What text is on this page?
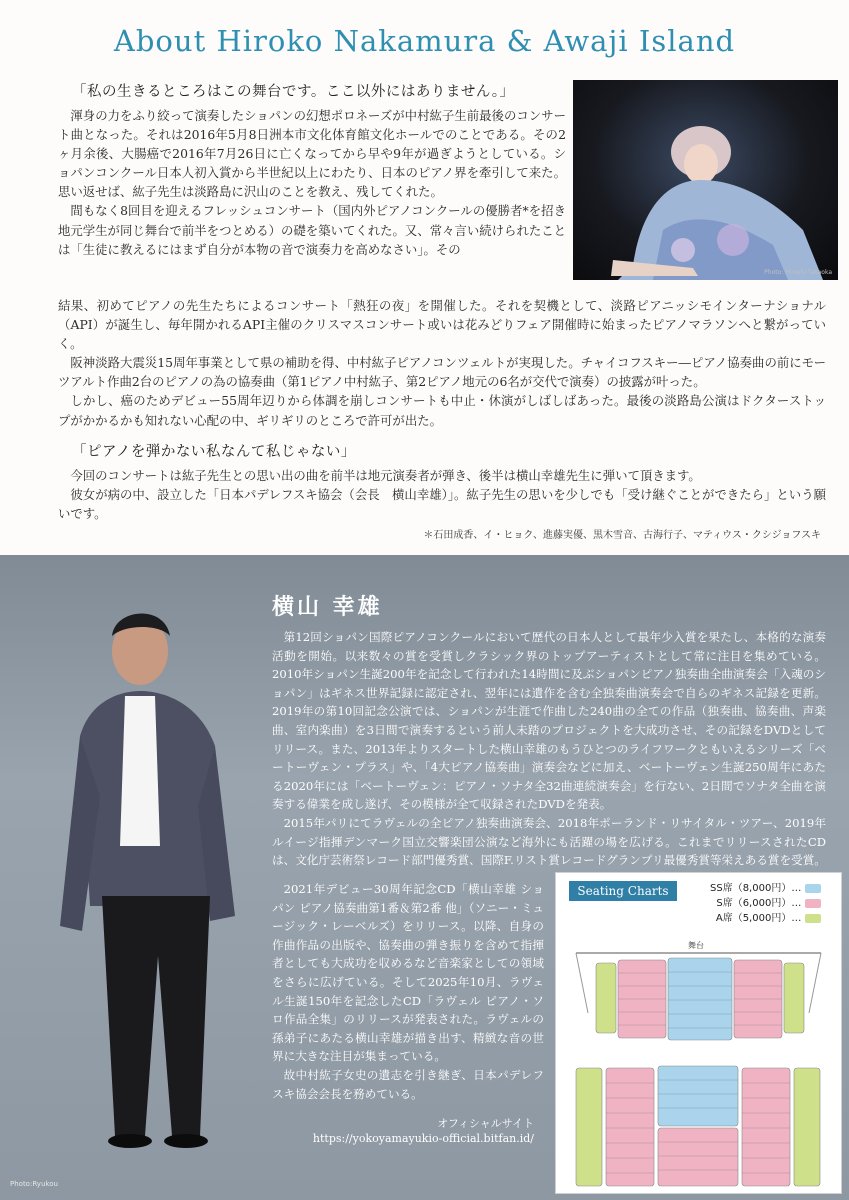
About Hiroko Nakamura & Awaji Island
「私の生きるところはこの舞台です。ここ以外にはありません。」
Photo: Hiroshi Takaoka

渾身の力をふり絞って演奏したショパンの幻想ポロネーズが中村紘子生前最後のコンサート曲となった。それは2016年5月8日洲本市文化体育館文化ホールでのことである。その2ヶ月余後、大腸癌で2016年7月26日に亡くなってから早や9年が過ぎようとしている。ショパンコンクール日本人初入賞から半世紀以上にわたり、日本のピアノ界を牽引して来た。思い返せば、紘子先生は淡路島に沢山のことを教え、残してくれた。

間もなく8回目を迎えるフレッシュコンサート（国内外ピアノコンクールの優勝者*を招き地元学生が同じ舞台で前半をつとめる）の礎を築いてくれた。又、常々言い続けられたことは「生徒に教えるにはまず自分が本物の音で演奏力を高めなさい」。その

結果、初めてピアノの先生たちによるコンサート「熱狂の夜」を開催した。それを契機として、淡路ピアニッシモインターナショナル（API）が誕生し、毎年開かれるAPI主催のクリスマスコンサート或いは花みどりフェア開催時に始まったピアノマラソンへと繋がっていく。

阪神淡路大震災15周年事業として県の補助を得、中村紘子ピアノコンツェルトが実現した。チャイコフスキー―ピアノ協奏曲の前にモーツアルト作曲2台のピアノの為の協奏曲（第1ピアノ中村紘子、第2ピアノ地元の6名が交代で演奏）の披露が叶った。

しかし、癌のためデビュー55周年辺りから体調を崩しコンサートも中止・休演がしばしばあった。最後の淡路島公演はドクターストップがかかるかも知れない心配の中、ギリギリのところで許可が出た。

「ピアノを弾かない私なんて私じゃない」

今回のコンサートは紘子先生との思い出の曲を前半は地元演奏者が弾き、後半は横山幸雄先生に弾いて頂きます。

彼女が病の中、設立した「日本パデレフスキ協会（会長　横山幸雄）」。紘子先生の思いを少しでも「受け継ぐことができたら」という願いです。

＊石田成香、イ・ヒョク、進藤実優、黒木雪音、古海行子、マティウス・クシジョフスキ
横山 幸雄

第12回ショパン国際ピアノコンクールにおいて歴代の日本人として最年少入賞を果たし、本格的な演奏活動を開始。以来数々の賞を受賞しクラシック界のトップアーティストとして常に注目を集めている。2010年ショパン生誕200年を記念して行われた14時間に及ぶショパンピアノ独奏曲全曲演奏会「入魂のショパン」はギネス世界記録に認定され、翌年には遺作を含む全独奏曲演奏会で自らのギネス記録を更新。2019年の第10回記念公演では、ショパンが生涯で作曲した240曲の全ての作品（独奏曲、協奏曲、声楽曲、室内楽曲）を3日間で演奏するという前人未踏のプロジェクトを大成功させ、その記録をDVDとしてリリース。また、2013年よりスタートした横山幸雄のもうひとつのライフワークともいえるシリーズ「ベートーヴェン・プラス」や、「4大ピアノ協奏曲」演奏会などに加え、ベートーヴェン生誕250周年にあたる2020年には「ベートーヴェン：ピアノ・ソナタ全32曲連続演奏会」を行ない、2日間でソナタ全曲を演奏する偉業を成し遂げ、その模様が全て収録されたDVDを発表。

2015年パリにてラヴェルの全ピアノ独奏曲演奏会、2018年ポーランド・リサイタル・ツアー、2019年ルイージ指揮デンマーク国立交響楽団公演など海外にも活躍の場を広げる。これまでリリースされたCDは、文化庁芸術祭レコード部門優秀賞、国際F.リスト賞レコードグランプリ最優秀賞等栄えある賞を受賞。

2021年デビュー30周年記念CD「横山幸雄 ショパン ピアノ協奏曲第1番＆第2番 他」（ソニー・ミュージック・レーベルズ）をリリース。以降、自身の作曲作品の出版や、協奏曲の弾き振りを含めて指揮者としても大成功を収めるなど音楽家としての領域をさらに広げている。そして2025年10月、ラヴェル生誕150年を記念したCD「ラヴェル ピアノ・ソロ作品全集」のリリースが発表された。ラヴェルの孫弟子にあたる横山幸雄が描き出す、精緻な音の世界に大きな注目が集まっている。

故中村紘子女史の遺志を引き継ぎ、日本パデレフスキ協会会長を務めている。

オフィシャルサイト
https://yokoyamayukio-official.bitfan.id/
Photo:Ryukou
Seating Charts	SS席（8,000円）…
S席（6,000円）…
A席（5,000円）…
舞台
